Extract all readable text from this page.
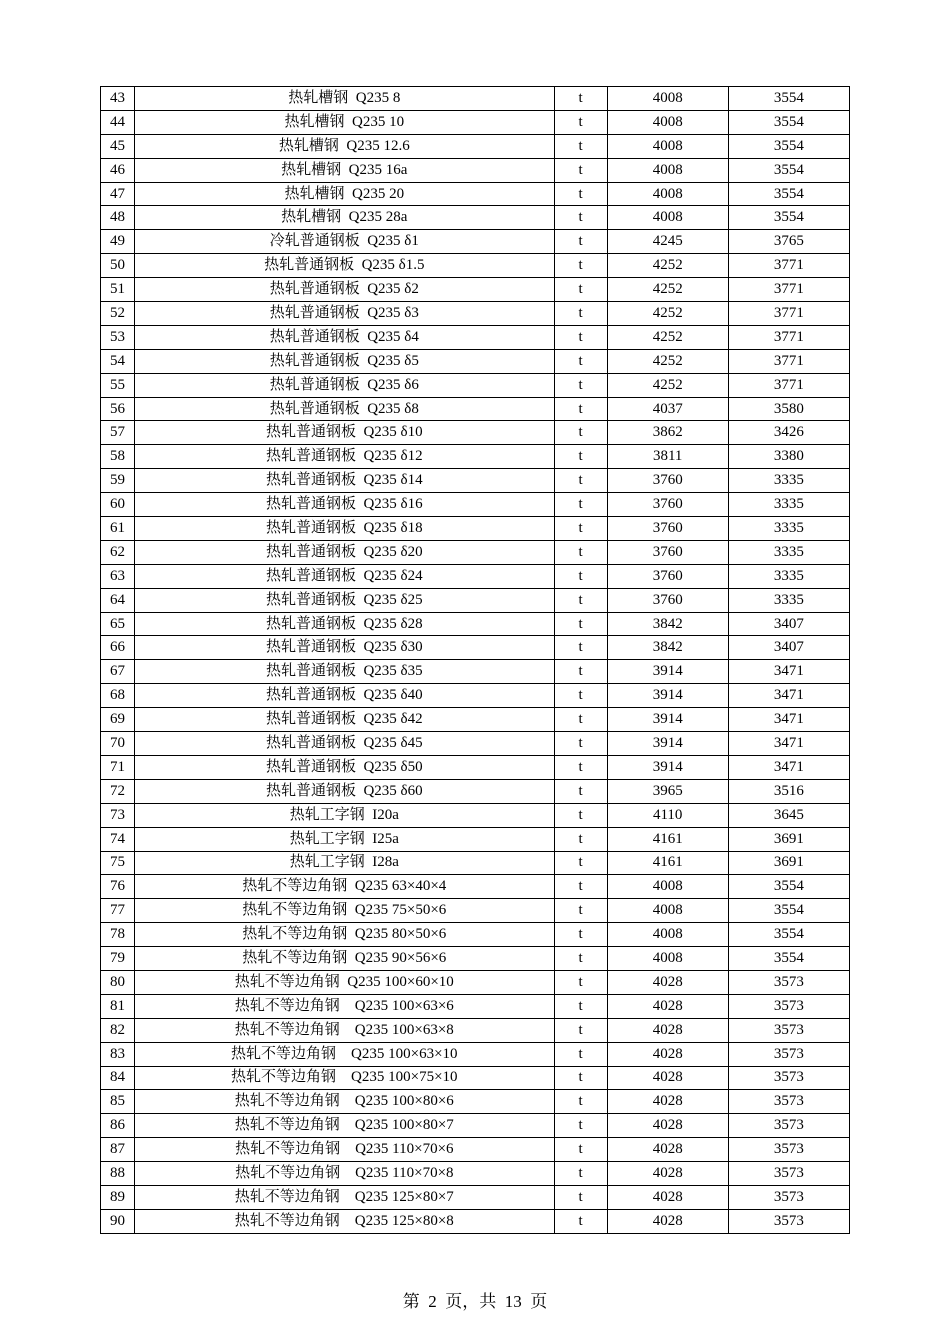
43	热轧槽钢  Q235 8	t	4008	3554
44	热轧槽钢  Q235 10	t	4008	3554
45	热轧槽钢  Q235 12.6	t	4008	3554
46	热轧槽钢  Q235 16a	t	4008	3554
47	热轧槽钢  Q235 20	t	4008	3554
48	热轧槽钢  Q235 28a	t	4008	3554
49	冷轧普通钢板  Q235 δ1	t	4245	3765
50	热轧普通钢板  Q235 δ1.5	t	4252	3771
51	热轧普通钢板  Q235 δ2	t	4252	3771
52	热轧普通钢板  Q235 δ3	t	4252	3771
53	热轧普通钢板  Q235 δ4	t	4252	3771
54	热轧普通钢板  Q235 δ5	t	4252	3771
55	热轧普通钢板  Q235 δ6	t	4252	3771
56	热轧普通钢板  Q235 δ8	t	4037	3580
57	热轧普通钢板  Q235 δ10	t	3862	3426
58	热轧普通钢板  Q235 δ12	t	3811	3380
59	热轧普通钢板  Q235 δ14	t	3760	3335
60	热轧普通钢板  Q235 δ16	t	3760	3335
61	热轧普通钢板  Q235 δ18	t	3760	3335
62	热轧普通钢板  Q235 δ20	t	3760	3335
63	热轧普通钢板  Q235 δ24	t	3760	3335
64	热轧普通钢板  Q235 δ25	t	3760	3335
65	热轧普通钢板  Q235 δ28	t	3842	3407
66	热轧普通钢板  Q235 δ30	t	3842	3407
67	热轧普通钢板  Q235 δ35	t	3914	3471
68	热轧普通钢板  Q235 δ40	t	3914	3471
69	热轧普通钢板  Q235 δ42	t	3914	3471
70	热轧普通钢板  Q235 δ45	t	3914	3471
71	热轧普通钢板  Q235 δ50	t	3914	3471
72	热轧普通钢板  Q235 δ60	t	3965	3516
73	热轧工字钢  I20a	t	4110	3645
74	热轧工字钢  I25a	t	4161	3691
75	热轧工字钢  I28a	t	4161	3691
76	热轧不等边角钢  Q235 63×40×4	t	4008	3554
77	热轧不等边角钢  Q235 75×50×6	t	4008	3554
78	热轧不等边角钢  Q235 80×50×6	t	4008	3554
79	热轧不等边角钢  Q235 90×56×6	t	4008	3554
80	热轧不等边角钢  Q235 100×60×10	t	4028	3573
81	热轧不等边角钢    Q235 100×63×6	t	4028	3573
82	热轧不等边角钢    Q235 100×63×8	t	4028	3573
83	热轧不等边角钢    Q235 100×63×10	t	4028	3573
84	热轧不等边角钢    Q235 100×75×10	t	4028	3573
85	热轧不等边角钢    Q235 100×80×6	t	4028	3573
86	热轧不等边角钢    Q235 100×80×7	t	4028	3573
87	热轧不等边角钢    Q235 110×70×6	t	4028	3573
88	热轧不等边角钢    Q235 110×70×8	t	4028	3573
89	热轧不等边角钢    Q235 125×80×7	t	4028	3573
90	热轧不等边角钢    Q235 125×80×8	t	4028	3573
第  2  页，共  13  页
